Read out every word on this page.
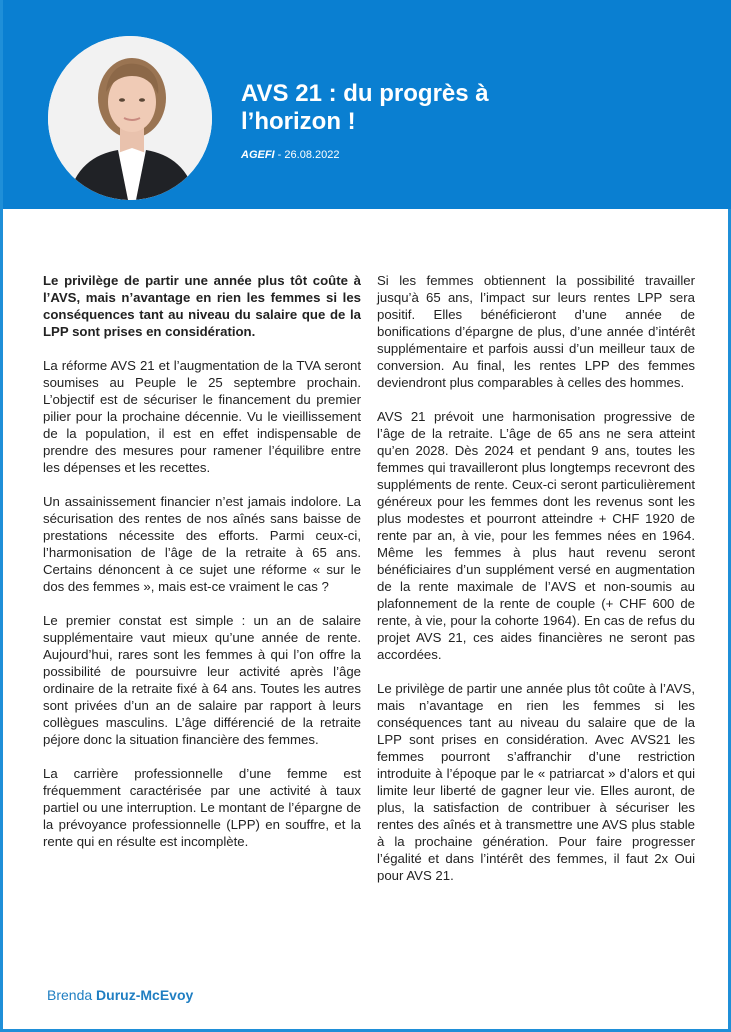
AVS 21 : du progrès à l’horizon !
AGEFI - 26.08.2022

Le privilège de partir une année plus tôt coûte à l’AVS, mais n’avantage en rien les femmes si les conséquences tant au niveau du salaire que de la LPP sont prises en considération.

La réforme AVS 21 et l’augmentation de la TVA seront soumises au Peuple le 25 septembre prochain. L’objectif est de sécuriser le financement du premier pilier pour la prochaine décennie. Vu le vieillissement de la population, il est en effet indispensable de prendre des mesures pour ramener l’équilibre entre les dépenses et les recettes.

Un assainissement financier n’est jamais indolore. La sécurisation des rentes de nos aînés sans baisse de prestations nécessite des efforts. Parmi ceux-ci, l’harmonisation de l’âge de la retraite à 65 ans. Certains dénoncent à ce sujet une réforme « sur le dos des femmes », mais est-ce vraiment le cas ?

Le premier constat est simple : un an de salaire supplémentaire vaut mieux qu’une année de rente. Aujourd’hui, rares sont les femmes à qui l’on offre la possibilité de poursuivre leur activité après l’âge ordinaire de la retraite fixé à 64 ans. Toutes les autres sont privées d’un an de salaire par rapport à leurs collègues masculins. L’âge différencié de la retraite péjore donc la situation financière des femmes.

La carrière professionnelle d’une femme est fréquemment caractérisée par une activité à taux partiel ou une interruption. Le montant de l’épargne de la prévoyance professionnelle (LPP) en souffre, et la rente qui en résulte est incomplète.

Si les femmes obtiennent la possibilité travailler jusqu’à 65 ans, l’impact sur leurs rentes LPP sera positif. Elles bénéficieront d’une année de bonifications d’épargne de plus, d’une année d’intérêt supplémentaire et parfois aussi d’un meilleur taux de conversion. Au final, les rentes LPP des femmes deviendront plus comparables à celles des hommes.

AVS 21 prévoit une harmonisation progressive de l’âge de la retraite. L’âge de 65 ans ne sera atteint qu’en 2028. Dès 2024 et pendant 9 ans, toutes les femmes qui travailleront plus longtemps recevront des suppléments de rente. Ceux-ci seront particulièrement généreux pour les femmes dont les revenus sont les plus modestes et pourront atteindre + CHF 1920 de rente par an, à vie, pour les femmes nées en 1964. Même les femmes à plus haut revenu seront bénéficiaires d’un supplément versé en augmentation de la rente maximale de l’AVS et non-soumis au plafonnement de la rente de couple (+ CHF 600 de rente, à vie, pour la cohorte 1964). En cas de refus du projet AVS 21, ces aides financières ne seront pas accordées.

Le privilège de partir une année plus tôt coûte à l’AVS, mais n’avantage en rien les femmes si les conséquences tant au niveau du salaire que de la LPP sont prises en considération. Avec AVS21 les femmes pourront s’affranchir d’une restriction introduite à l’époque par le « patriarcat » d’alors et qui limite leur liberté de gagner leur vie. Elles auront, de plus, la satisfaction de contribuer à sécuriser les rentes des aînés et à transmettre une AVS plus stable à la prochaine génération. Pour faire progresser l’égalité et dans l’intérêt des femmes, il faut 2x Oui pour AVS 21.

Brenda Duruz-McEvoy
